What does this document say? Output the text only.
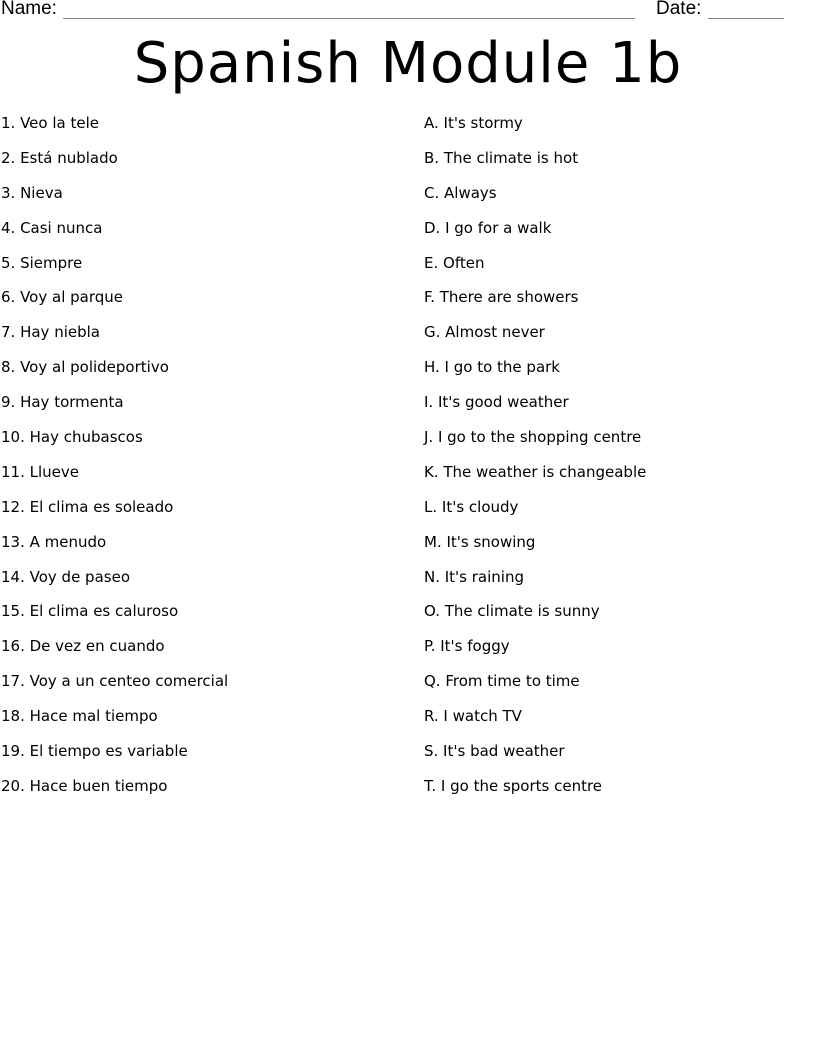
Name:	Date:
Spanish Module 1b
1. Veo la tele
2. Está nublado
3. Nieva
4. Casi nunca
5. Siempre
6. Voy al parque
7. Hay niebla
8. Voy al polideportivo
9. Hay tormenta
10. Hay chubascos
11. Llueve
12. El clima es soleado
13. A menudo
14. Voy de paseo
15. El clima es caluroso
16. De vez en cuando
17. Voy a un centeo comercial
18. Hace mal tiempo
19. El tiempo es variable
20. Hace buen tiempo
A. It's stormy
B. The climate is hot
C. Always
D. I go for a walk
E. Often
F. There are showers
G. Almost never
H. I go to the park
I. It's good weather
J. I go to the shopping centre
K. The weather is changeable
L. It's cloudy
M. It's snowing
N. It's raining
O. The climate is sunny
P. It's foggy
Q. From time to time
R. I watch TV
S. It's bad weather
T. I go the sports centre
